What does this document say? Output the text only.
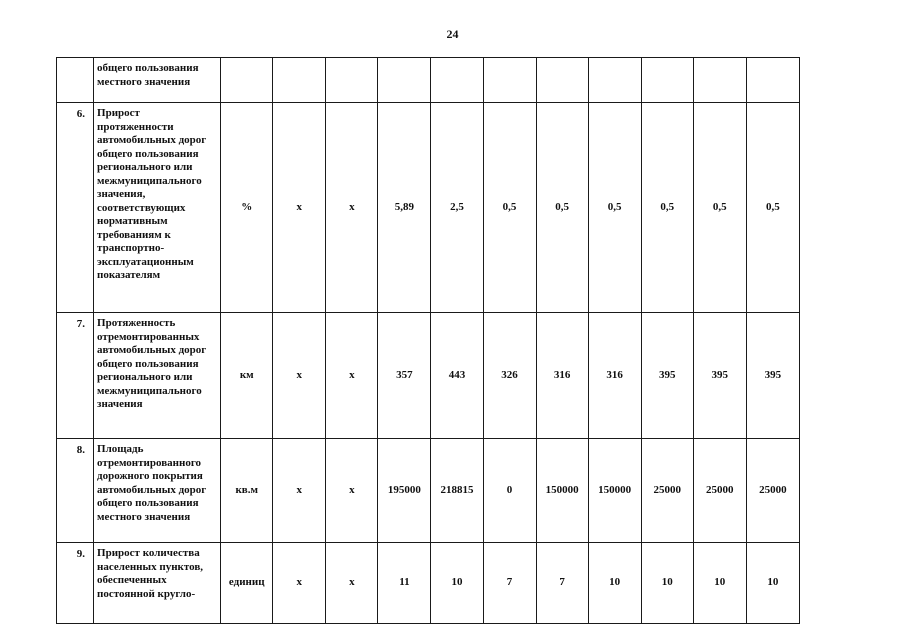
24
	общего пользования местного значения											
6.	Прирост протяженности автомобильных дорог общего пользования регионального или межмуниципального значения, соответствующих нормативным требованиям к транспортно-эксплуатационным показателям	%	х	х	5,89	2,5	0,5	0,5	0,5	0,5	0,5	0,5
7.	Протяженность отремонтированных автомобильных дорог общего пользования регионального или межмуниципального значения	км	х	х	357	443	326	316	316	395	395	395
8.	Площадь отремонтированного дорожного покрытия автомобильных дорог общего пользования местного значения	кв.м	х	х	195000	218815	0	150000	150000	25000	25000	25000
9.	Прирост количества населенных пунктов, обеспеченных постоянной кругло-	единиц	х	х	11	10	7	7	10	10	10	10
